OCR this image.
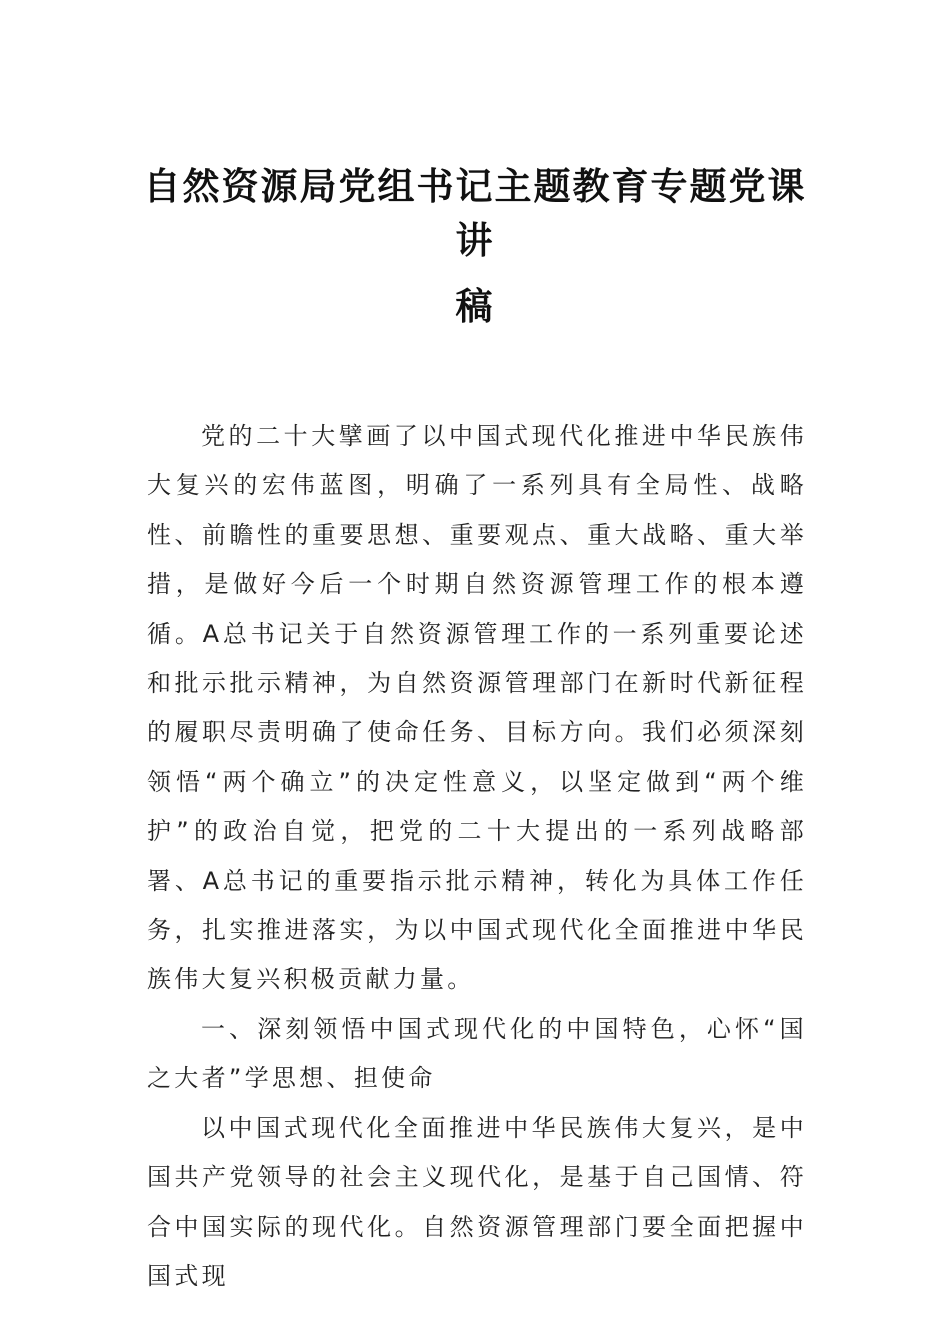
自然资源局党组书记主题教育专题党课讲
稿

党的二十大擘画了以中国式现代化推进中华民族伟大复兴的宏伟蓝图，明确了一系列具有全局性、战略性、前瞻性的重要思想、重要观点、重大战略、重大举措，是做好今后一个时期自然资源管理工作的根本遵循。A总书记关于自然资源管理工作的一系列重要论述和批示批示精神，为自然资源管理部门在新时代新征程的履职尽责明确了使命任务、目标方向。我们必须深刻领悟“两个确立”的决定性意义，以坚定做到“两个维护”的政治自觉，把党的二十大提出的一系列战略部署、A总书记的重要指示批示精神，转化为具体工作任务，扎实推进落实，为以中国式现代化全面推进中华民族伟大复兴积极贡献力量。

一、深刻领悟中国式现代化的中国特色，心怀“国之大者”学思想、担使命

以中国式现代化全面推进中华民族伟大复兴，是中国共产党领导的社会主义现代化，是基于自己国情、符合中国实际的现代化。自然资源管理部门要全面把握中国式现
